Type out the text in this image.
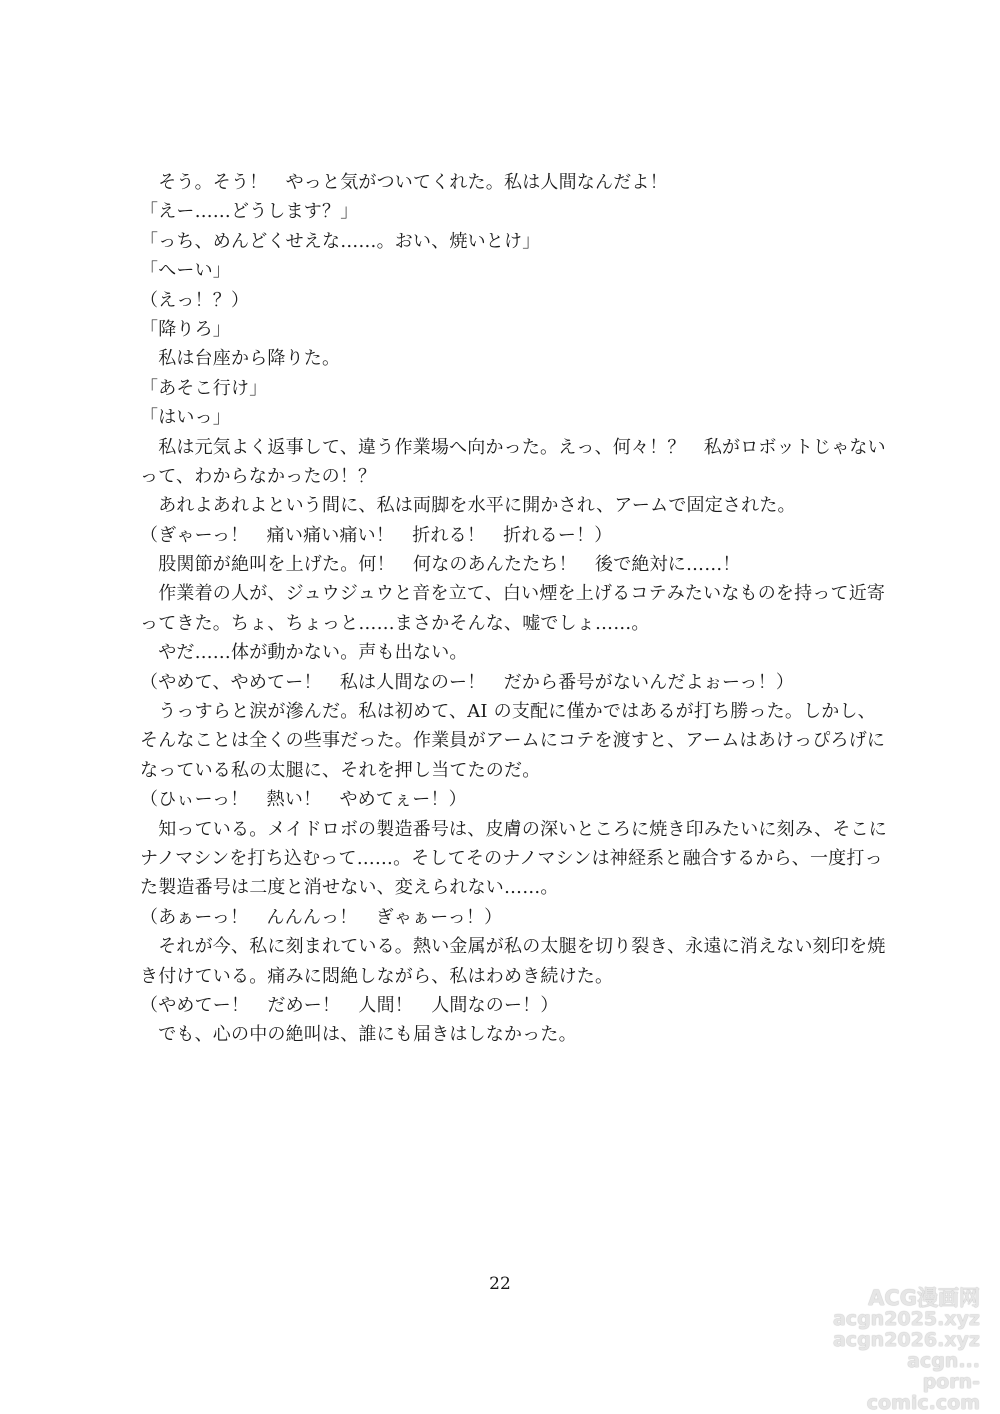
　そう。そう！　やっと気がついてくれた。私は人間なんだよ！
「えー……どうします？」
「っち、めんどくせえな……。おい、焼いとけ」
「へーい」
（えっ！？）
「降りろ」
　私は台座から降りた。
「あそこ行け」
「はいっ」
　私は元気よく返事して、違う作業場へ向かった。えっ、何々！？　私がロボットじゃない
って、わからなかったの！？
　あれよあれよという間に、私は両脚を水平に開かされ、アームで固定された。
（ぎゃーっ！　痛い痛い痛い！　折れる！　折れるー！）
　股関節が絶叫を上げた。何！　何なのあんたたち！　後で絶対に……！
　作業着の人が、ジュウジュウと音を立て、白い煙を上げるコテみたいなものを持って近寄
ってきた。ちょ、ちょっと……まさかそんな、嘘でしょ……。
　やだ……体が動かない。声も出ない。
（やめて、やめてー！　私は人間なのー！　だから番号がないんだよぉーっ！）
　うっすらと涙が滲んだ。私は初めて、AI の支配に僅かではあるが打ち勝った。しかし、
そんなことは全くの些事だった。作業員がアームにコテを渡すと、アームはあけっぴろげに
なっている私の太腿に、それを押し当てたのだ。
（ひぃーっ！　熱い！　やめてぇー！）
　知っている。メイドロボの製造番号は、皮膚の深いところに焼き印みたいに刻み、そこに
ナノマシンを打ち込むって……。そしてそのナノマシンは神経系と融合するから、一度打っ
た製造番号は二度と消せない、変えられない……。
（あぁーっ！　んんんっ！　ぎゃぁーっ！）
　それが今、私に刻まれている。熱い金属が私の太腿を切り裂き、永遠に消えない刻印を焼
き付けている。痛みに悶絶しながら、私はわめき続けた。
（やめてー！　だめー！　人間！　人間なのー！）
　でも、心の中の絶叫は、誰にも届きはしなかった。
22
ACG漫画网
acgn2025.xyz
acgn2026.xyz
acgn...
porn-comic.com
